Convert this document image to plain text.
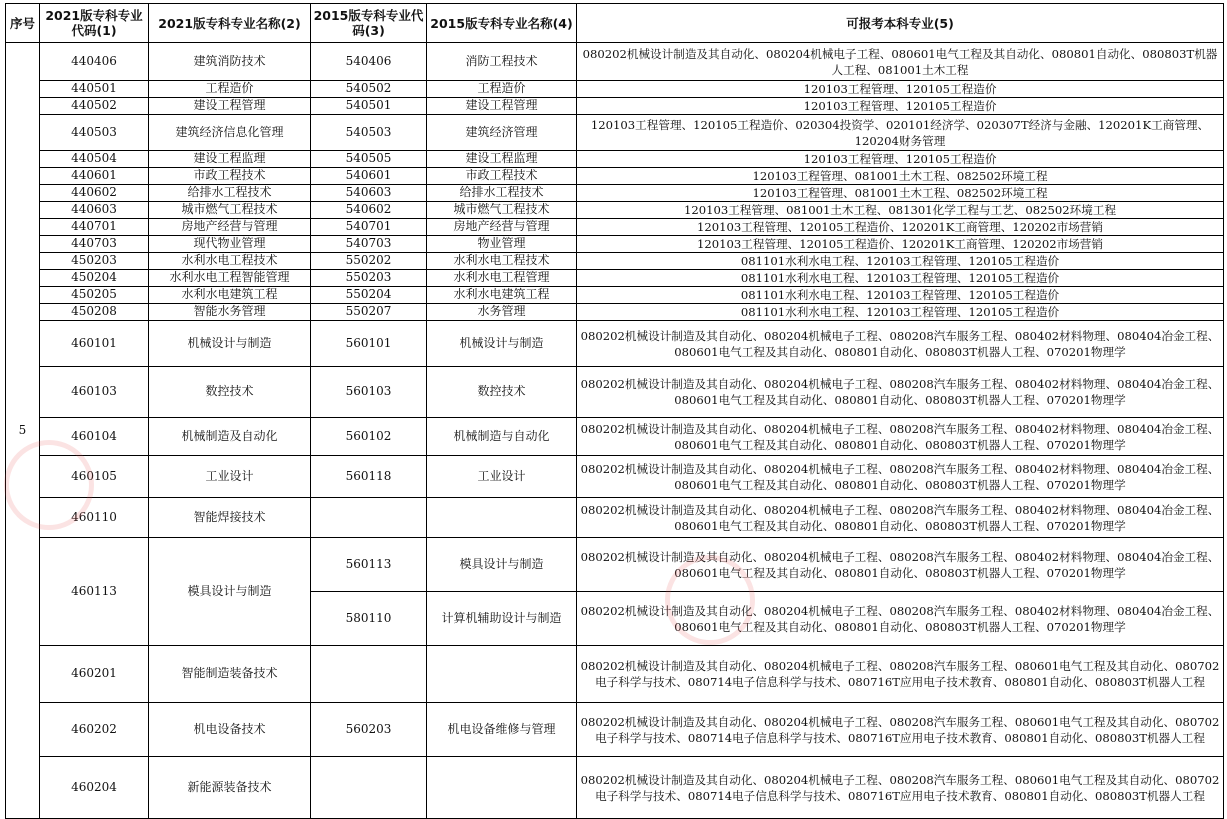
序号	2021版专科专业代码(1)	2021版专科专业名称(2)	2015版专科专业代码(3)	2015版专科专业名称(4)	可报考本科专业(5)
5	440406	建筑消防技术	540406	消防工程技术	080202机械设计制造及其自动化、080204机械电子工程、080601电气工程及其自动化、080801自动化、080803T机器人工程、081001土木工程
	440501	工程造价	540502	工程造价	120103工程管理、120105工程造价
	440502	建设工程管理	540501	建设工程管理	120103工程管理、120105工程造价
	440503	建筑经济信息化管理	540503	建筑经济管理	120103工程管理、120105工程造价、020304投资学、020101经济学、020307T经济与金融、120201K工商管理、120204财务管理
	440504	建设工程监理	540505	建设工程监理	120103工程管理、120105工程造价
	440601	市政工程技术	540601	市政工程技术	120103工程管理、081001土木工程、082502环境工程
	440602	给排水工程技术	540603	给排水工程技术	120103工程管理、081001土木工程、082502环境工程
	440603	城市燃气工程技术	540602	城市燃气工程技术	120103工程管理、081001土木工程、081301化学工程与工艺、082502环境工程
	440701	房地产经营与管理	540701	房地产经营与管理	120103工程管理、120105工程造价、120201K工商管理、120202市场营销
	440703	现代物业管理	540703	物业管理	120103工程管理、120105工程造价、120201K工商管理、120202市场营销
	450203	水利水电工程技术	550202	水利水电工程技术	081101水利水电工程、120103工程管理、120105工程造价
	450204	水利水电工程智能管理	550203	水利水电工程管理	081101水利水电工程、120103工程管理、120105工程造价
	450205	水利水电建筑工程	550204	水利水电建筑工程	081101水利水电工程、120103工程管理、120105工程造价
	450208	智能水务管理	550207	水务管理	081101水利水电工程、120103工程管理、120105工程造价
	460101	机械设计与制造	560101	机械设计与制造	080202机械设计制造及其自动化、080204机械电子工程、080208汽车服务工程、080402材料物理、080404冶金工程、080601电气工程及其自动化、080801自动化、080803T机器人工程、070201物理学
	460103	数控技术	560103	数控技术	080202机械设计制造及其自动化、080204机械电子工程、080208汽车服务工程、080402材料物理、080404冶金工程、080601电气工程及其自动化、080801自动化、080803T机器人工程、070201物理学
	460104	机械制造及自动化	560102	机械制造与自动化	080202机械设计制造及其自动化、080204机械电子工程、080208汽车服务工程、080402材料物理、080404冶金工程、080601电气工程及其自动化、080801自动化、080803T机器人工程、070201物理学
	460105	工业设计	560118	工业设计	080202机械设计制造及其自动化、080204机械电子工程、080208汽车服务工程、080402材料物理、080404冶金工程、080601电气工程及其自动化、080801自动化、080803T机器人工程、070201物理学
	460110	智能焊接技术			080202机械设计制造及其自动化、080204机械电子工程、080208汽车服务工程、080402材料物理、080404冶金工程、080601电气工程及其自动化、080801自动化、080803T机器人工程、070201物理学
	460113	模具设计与制造	560113	模具设计与制造	080202机械设计制造及其自动化、080204机械电子工程、080208汽车服务工程、080402材料物理、080404冶金工程、080601电气工程及其自动化、080801自动化、080803T机器人工程、070201物理学
			580110	计算机辅助设计与制造	080202机械设计制造及其自动化、080204机械电子工程、080208汽车服务工程、080402材料物理、080404冶金工程、080601电气工程及其自动化、080801自动化、080803T机器人工程、070201物理学
	460201	智能制造装备技术			080202机械设计制造及其自动化、080204机械电子工程、080208汽车服务工程、080601电气工程及其自动化、080702电子科学与技术、080714电子信息科学与技术、080716T应用电子技术教育、080801自动化、080803T机器人工程
	460202	机电设备技术	560203	机电设备维修与管理	080202机械设计制造及其自动化、080204机械电子工程、080208汽车服务工程、080601电气工程及其自动化、080702电子科学与技术、080714电子信息科学与技术、080716T应用电子技术教育、080801自动化、080803T机器人工程
	460204	新能源装备技术			080202机械设计制造及其自动化、080204机械电子工程、080208汽车服务工程、080601电气工程及其自动化、080702电子科学与技术、080714电子信息科学与技术、080716T应用电子技术教育、080801自动化、080803T机器人工程
